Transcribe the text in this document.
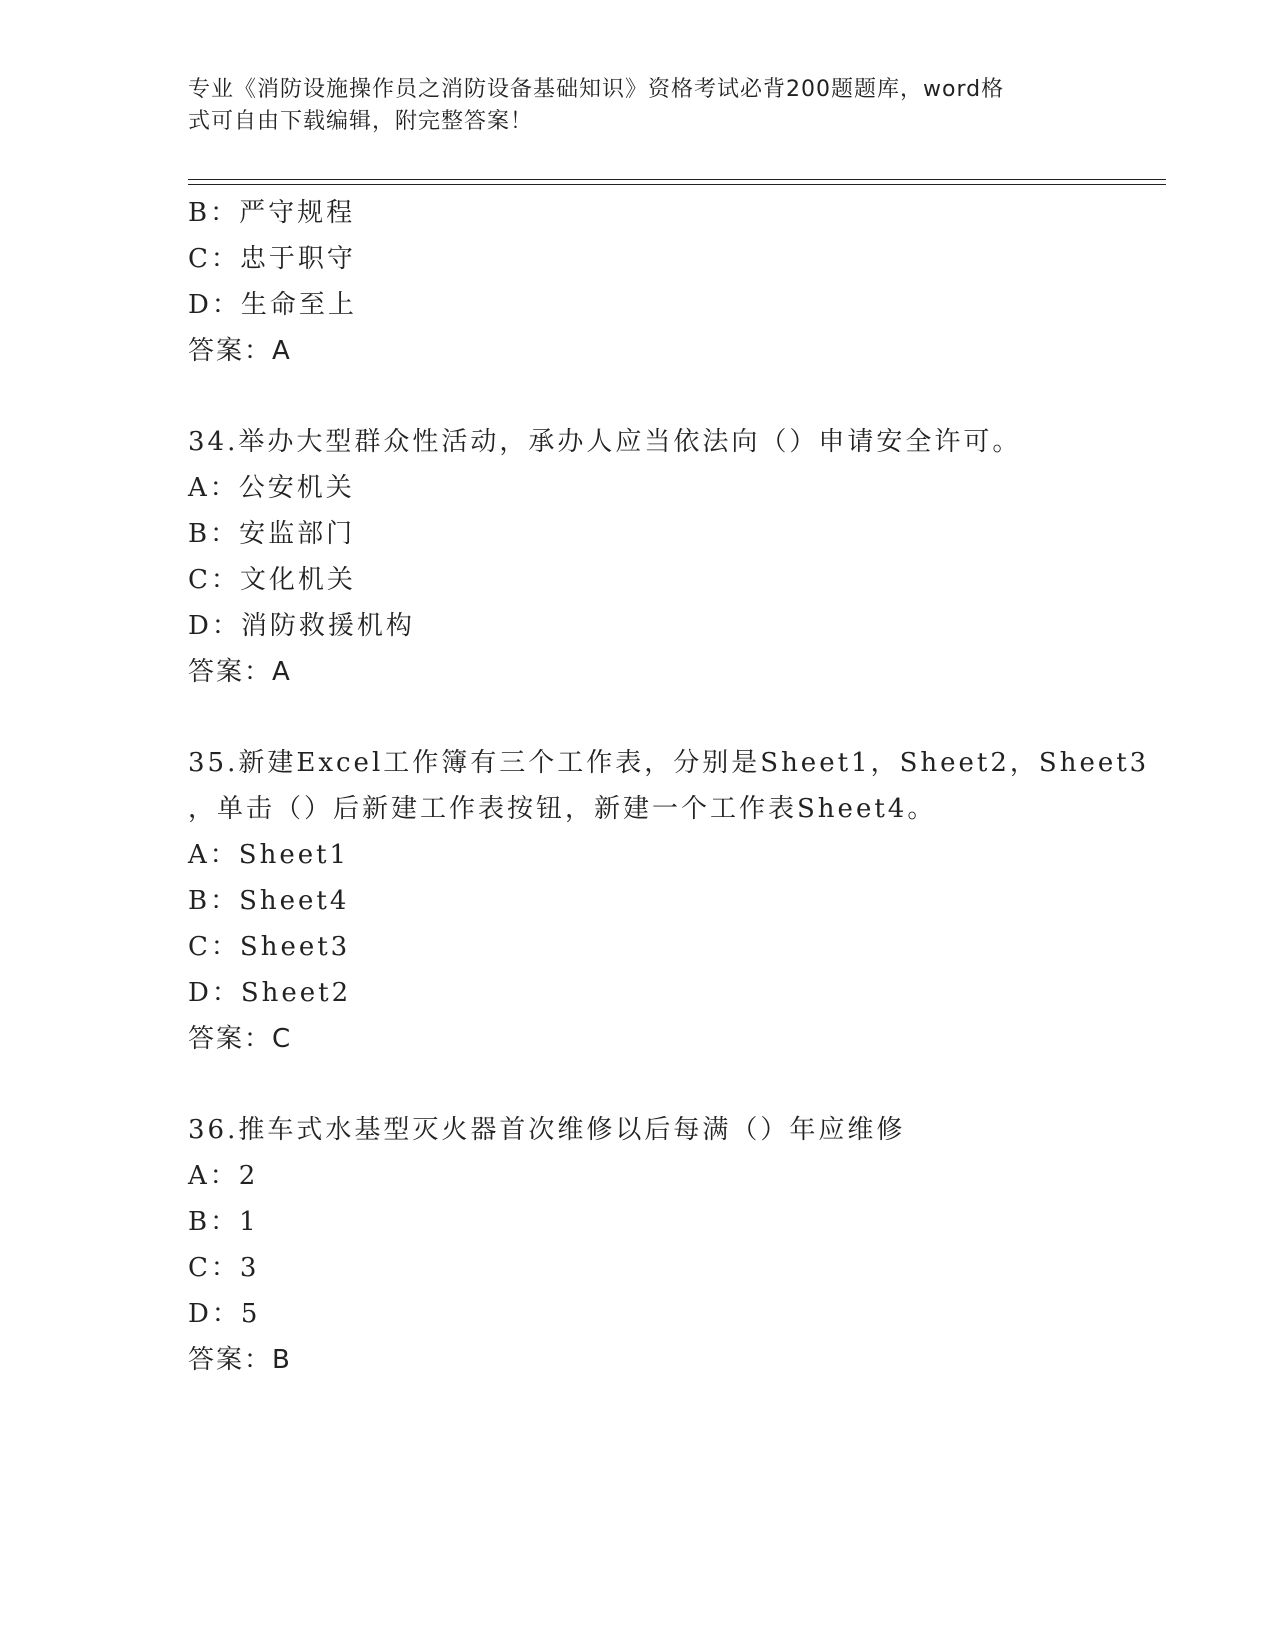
专业《消防设施操作员之消防设备基础知识》资格考试必背200题题库，word格
式可自由下载编辑，附完整答案！
B：严守规程
C：忠于职守
D：生命至上
答案：A
34.举办大型群众性活动，承办人应当依法向（）申请安全许可。
A：公安机关
B：安监部门
C：文化机关
D：消防救援机构
答案：A
35.新建Excel工作簿有三个工作表，分别是Sheet1，Sheet2，Sheet3
，单击（）后新建工作表按钮，新建一个工作表Sheet4。
A：Sheet1
B：Sheet4
C：Sheet3
D：Sheet2
答案：C
36.推车式水基型灭火器首次维修以后每满（）年应维修
A：2
B：1
C：3
D：5
答案：B
